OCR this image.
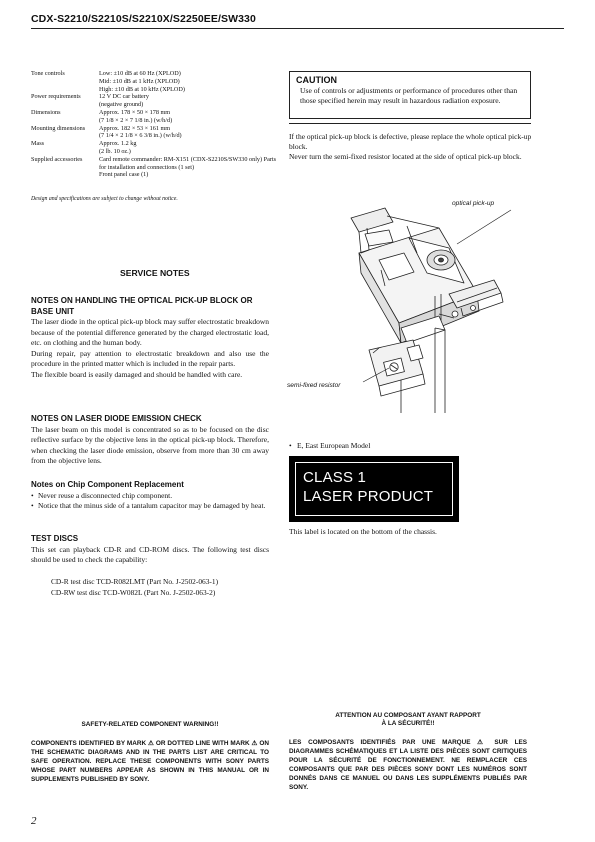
CDX-S2210/S2210S/S2210X/S2250EE/SW330
Tone controls	Low: ±10 dB at 60 Hz (XPLOD)
Mid: ±10 dB at 1 kHz (XPLOD)
High: ±10 dB at 10 kHz (XPLOD)
Power requirements	12 V DC car battery
(negative ground)
Dimensions	Approx. 178 × 50 × 178 mm
(7 1/8 × 2 × 7 1/8 in.) (w/h/d)
Mounting dimensions	Approx. 182 × 53 × 161 mm
(7 1/4 × 2 1/8 × 6 3/8 in.) (w/h/d)
Mass	Approx. 1.2 kg
(2 lb. 10 oz.)
Supplied accessories	Card remote commander: RM-X151 (CDX-S2210S/SW330 only) Parts for installation and connections (1 set)
Front panel case (1)
Design and specifications are subject to change without notice.
CAUTION
Use of controls or adjustments or performance of procedures other than those specified herein may result in hazardous radiation exposure.
If the optical pick-up block is defective, please replace the whole optical pick-up block.
Never turn the semi-fixed resistor located at the side of optical pick-up block.
optical pick-up
semi-fixed resistor
SERVICE NOTES
NOTES ON HANDLING THE OPTICAL PICK-UP BLOCK OR BASE UNIT
The laser diode in the optical pick-up block may suffer electrostatic breakdown because of the potential difference generated by the charged electrostatic load, etc. on clothing and the human body.
During repair, pay attention to electrostatic breakdown and also use the procedure in the printed matter which is included in the repair parts.
The flexible board is easily damaged and should be handled with care.
NOTES ON LASER DIODE EMISSION CHECK
The laser beam on this model is concentrated so as to be focused on the disc reflective surface by the objective lens in the optical pick-up block. Therefore, when checking the laser diode emission, observe from more than 30 cm away from the objective lens.
Notes on Chip Component Replacement
• Never reuse a disconnected chip component.
• Notice that the minus side of a tantalum capacitor may be damaged by heat.
TEST DISCS
This set can playback CD-R and CD-ROM discs. The following test discs should be used to check the capability:
CD-R test disc TCD-R082LMT (Part No. J-2502-063-1)
CD-RW test disc TCD-W082L (Part No. J-2502-063-2)
• E, East European Model
CLASS 1
LASER PRODUCT
This label is located on the bottom of the chassis.
SAFETY-RELATED COMPONENT WARNING!!
COMPONENTS IDENTIFIED BY MARK ⚠ OR DOTTED LINE WITH MARK ⚠ ON THE SCHEMATIC DIAGRAMS AND IN THE PARTS LIST ARE CRITICAL TO SAFE OPERATION. REPLACE THESE COMPONENTS WITH SONY PARTS WHOSE PART NUMBERS APPEAR AS SHOWN IN THIS MANUAL OR IN SUPPLEMENTS PUBLISHED BY SONY.
ATTENTION AU COMPOSANT AYANT RAPPORT
À LA SÉCURITÉ!!
LES COMPOSANTS IDENTIFIÉS PAR UNE MARQUE ⚠ SUR LES DIAGRAMMES SCHÉMATIQUES ET LA LISTE DES PIÈCES SONT CRITIQUES POUR LA SÉCURITÉ DE FONCTIONNEMENT. NE REMPLACER CES COMPOSANTS QUE PAR DES PIÈCES SONY DONT LES NUMÉROS SONT DONNÉS DANS CE MANUEL OU DANS LES SUPPLÉMENTS PUBLIÉS PAR SONY.
2
